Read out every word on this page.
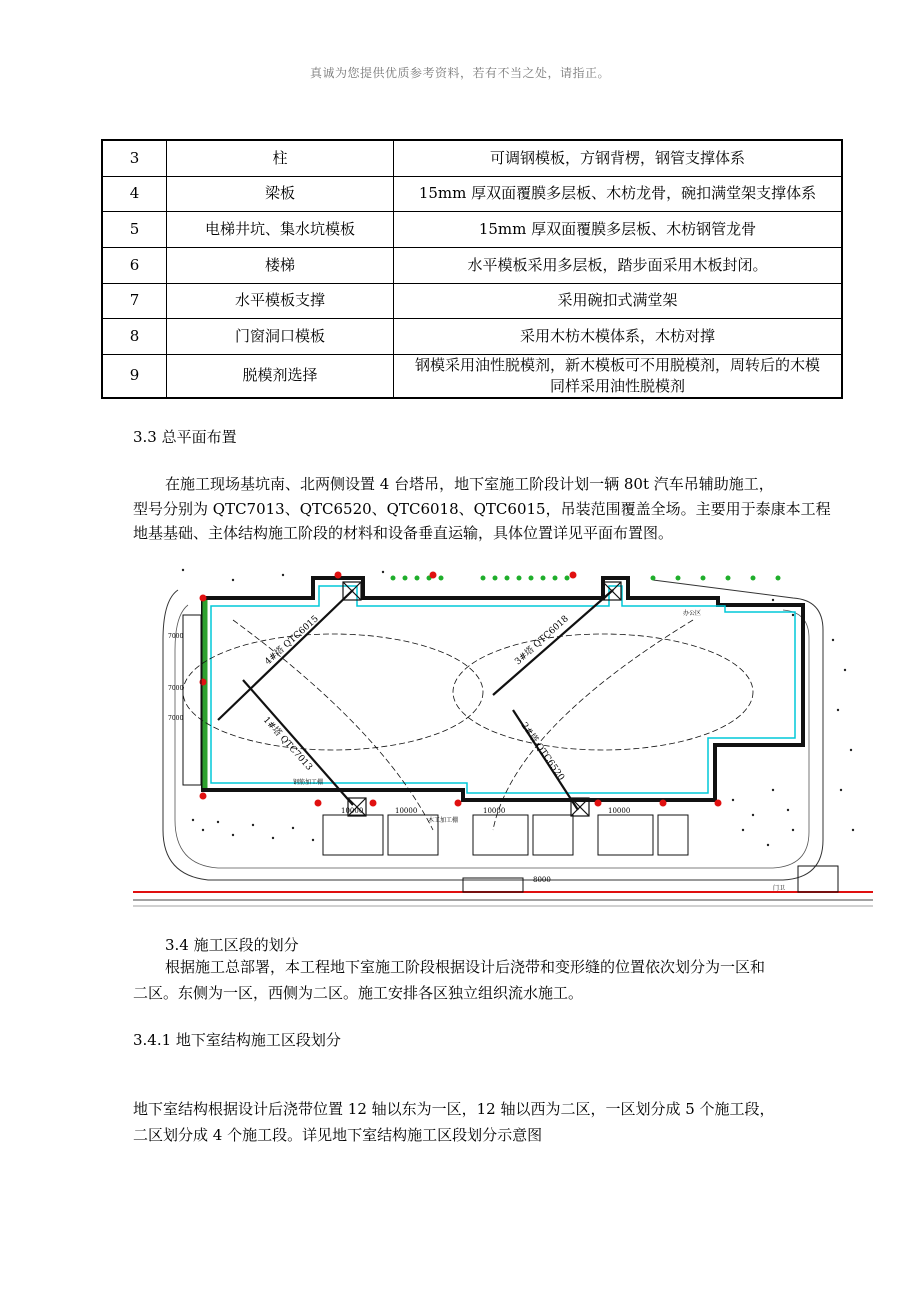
真诚为您提供优质参考资料，若有不当之处，请指正。
3	柱	可调钢模板，方钢背楞，钢管支撑体系
4	梁板	15mm 厚双面覆膜多层板、木枋龙骨，碗扣满堂架支撑体系
5	电梯井坑、集水坑模板	15mm 厚双面覆膜多层板、木枋钢管龙骨
6	楼梯	水平模板采用多层板，踏步面采用木板封闭。
7	水平模板支撑	采用碗扣式满堂架
8	门窗洞口模板	采用木枋木模体系，木枋对撑
9	脱模剂选择	钢模采用油性脱模剂，新木模板可不用脱模剂，周转后的木模
同样采用油性脱模剂
3.3 总平面布置
在施工现场基坑南、北两侧设置 4 台塔吊，地下室施工阶段计划一辆 80t 汽车吊辅助施工，
型号分别为 QTC7013、QTC6520、QTC6018、QTC6015，吊装范围覆盖全场。主要用于泰康本工程
地基基础、主体结构施工阶段的材料和设备垂直运输，具体位置详见平面布置图。
4#塔 QTC6015	3#塔 QTC6018
1#塔 QTC7013	2#塔 QTC6520
10000	10000	10000	10000
8000
7000
7000
7000
钢筋加工棚
木工加工棚
办公区
门卫
3.4 施工区段的划分
根据施工总部署，本工程地下室施工阶段根据设计后浇带和变形缝的位置依次划分为一区和
二区。东侧为一区，西侧为二区。施工安排各区独立组织流水施工。
3.4.1 地下室结构施工区段划分
地下室结构根据设计后浇带位置 12 轴以东为一区，12 轴以西为二区，一区划分成 5 个施工段，
二区划分成 4 个施工段。详见地下室结构施工区段划分示意图
